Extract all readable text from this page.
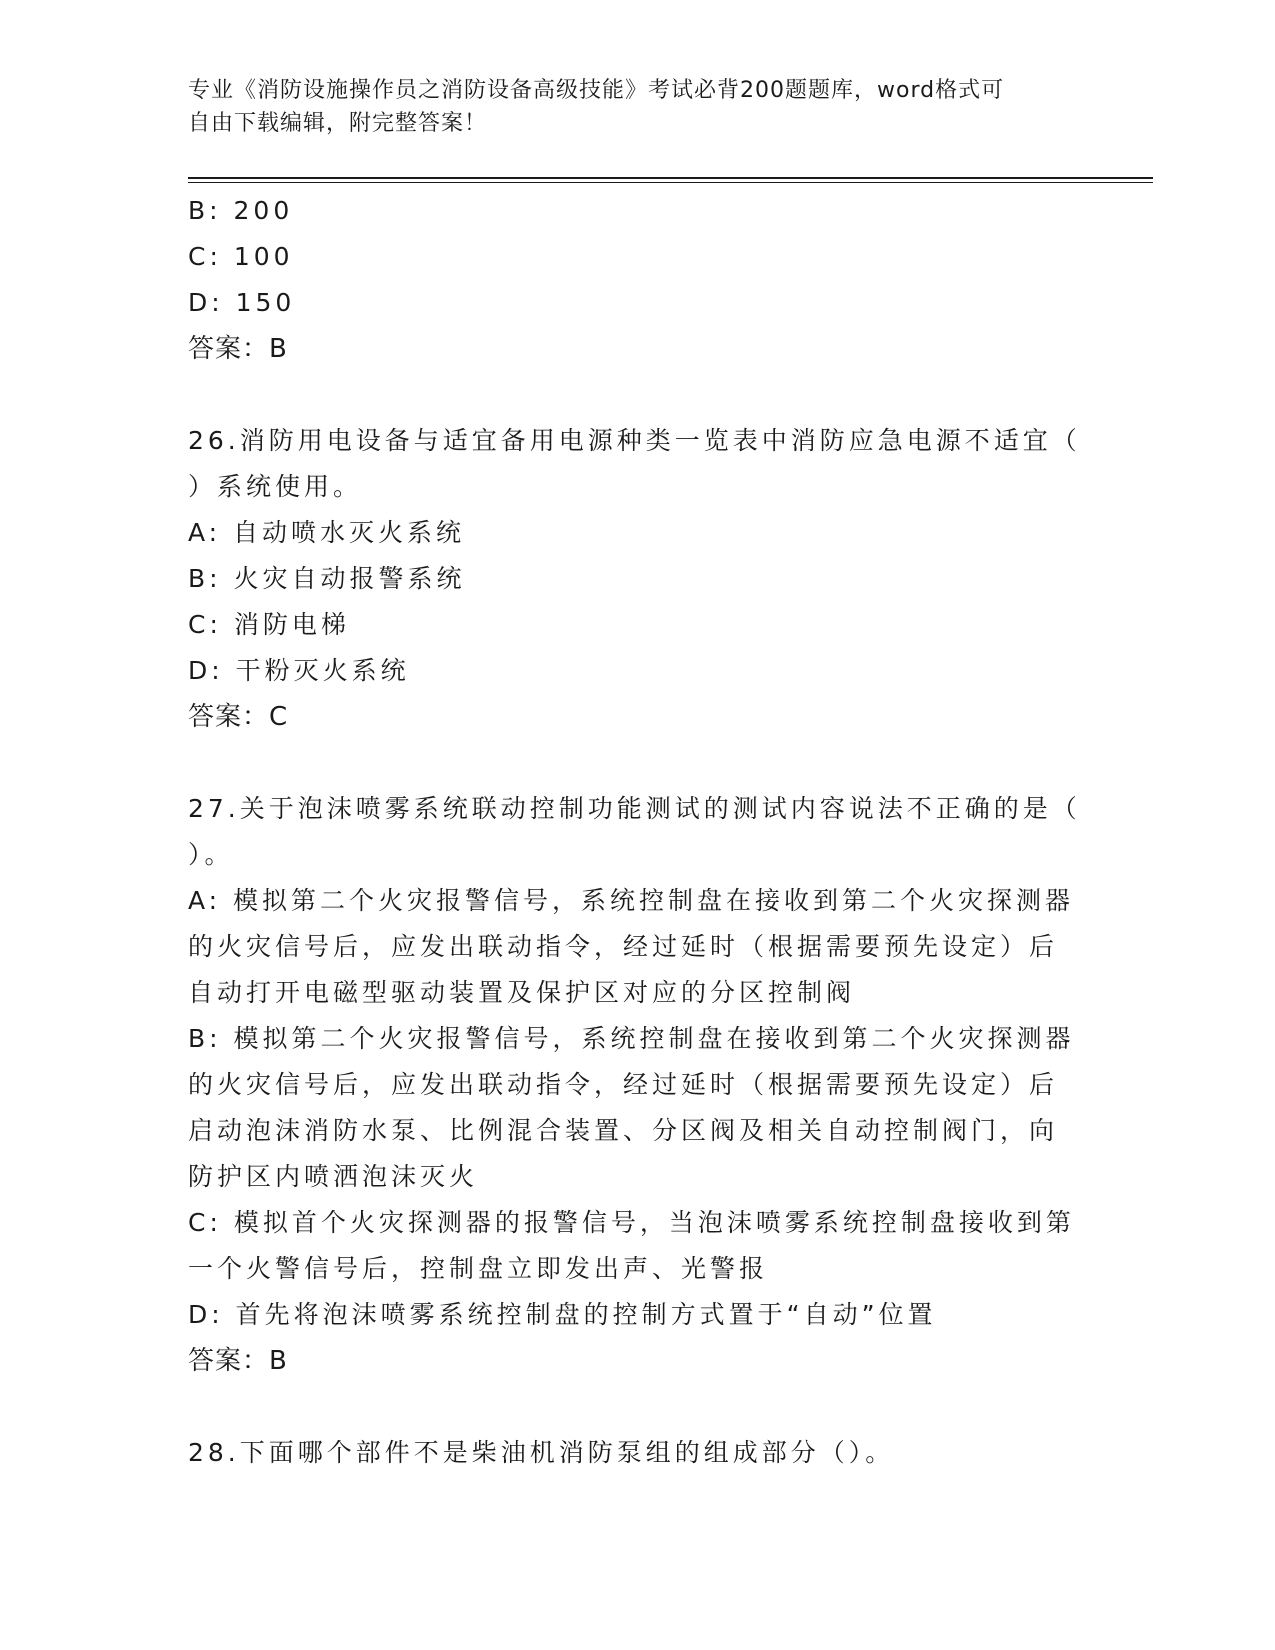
专业《消防设施操作员之消防设备高级技能》考试必背200题题库，word格式可
自由下载编辑，附完整答案！
B: 200
C: 100
D: 150
答案：B
26.消防用电设备与适宜备用电源种类一览表中消防应急电源不适宜（
）系统使用。
A: 自动喷水灭火系统
B: 火灾自动报警系统
C: 消防电梯
D: 干粉灭火系统
答案：C
27.关于泡沫喷雾系统联动控制功能测试的测试内容说法不正确的是（
）。
A: 模拟第二个火灾报警信号，系统控制盘在接收到第二个火灾探测器
的火灾信号后，应发出联动指令，经过延时（根据需要预先设定）后
自动打开电磁型驱动装置及保护区对应的分区控制阀
B: 模拟第二个火灾报警信号，系统控制盘在接收到第二个火灾探测器
的火灾信号后，应发出联动指令，经过延时（根据需要预先设定）后
启动泡沫消防水泵、比例混合装置、分区阀及相关自动控制阀门，向
防护区内喷洒泡沫灭火
C: 模拟首个火灾探测器的报警信号，当泡沫喷雾系统控制盘接收到第
一个火警信号后，控制盘立即发出声、光警报
D: 首先将泡沫喷雾系统控制盘的控制方式置于“自动”位置
答案：B
28.下面哪个部件不是柴油机消防泵组的组成部分（）。
